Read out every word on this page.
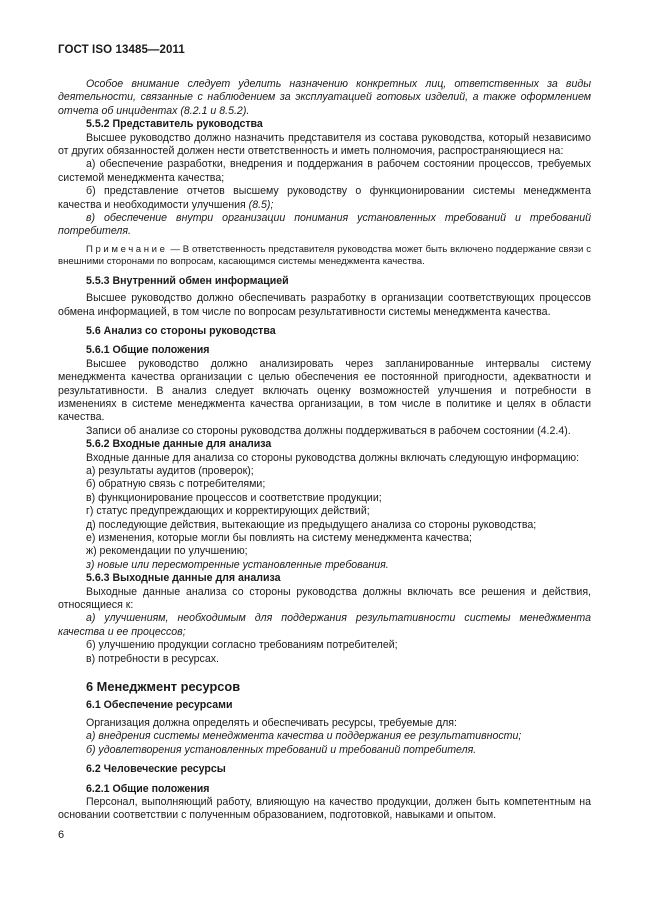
ГОСТ ISO 13485—2011

Особое внимание следует уделить назначению конкретных лиц, ответственных за виды деятельности, связанные с наблюдением за эксплуатацией готовых изделий, а также оформлением отчета об инцидентах (8.2.1 и 8.5.2).

5.5.2 Представитель руководства

Высшее руководство должно назначить представителя из состава руководства, который независимо от других обязанностей должен нести ответственность и иметь полномочия, распространяющиеся на:

а) обеспечение разработки, внедрения и поддержания в рабочем состоянии процессов, требуемых системой менеджмента качества;

б) представление отчетов высшему руководству о функционировании системы менеджмента качества и необходимости улучшения (8.5);

в) обеспечение внутри организации понимания установленных требований и требований потребителя.

Примечание — В ответственность представителя руководства может быть включено поддержание связи с внешними сторонами по вопросам, касающимся системы менеджмента качества.

5.5.3 Внутренний обмен информацией

Высшее руководство должно обеспечивать разработку в организации соответствующих процессов обмена информацией, в том числе по вопросам результативности системы менеджмента качества.

5.6 Анализ со стороны руководства
5.6.1 Общие положения

Высшее руководство должно анализировать через запланированные интервалы систему менеджмента качества организации с целью обеспечения ее постоянной пригодности, адекватности и результативности. В анализ следует включать оценку возможностей улучшения и потребности в изменениях в системе менеджмента качества организации, в том числе в политике и целях в области качества.

Записи об анализе со стороны руководства должны поддерживаться в рабочем состоянии (4.2.4).

5.6.2 Входные данные для анализа

Входные данные для анализа со стороны руководства должны включать следующую информацию:

а) результаты аудитов (проверок);

б) обратную связь с потребителями;

в) функционирование процессов и соответствие продукции;

г) статус предупреждающих и корректирующих действий;

д) последующие действия, вытекающие из предыдущего анализа со стороны руководства;

е) изменения, которые могли бы повлиять на систему менеджмента качества;

ж) рекомендации по улучшению;

з) новые или пересмотренные установленные требования.

5.6.3 Выходные данные для анализа

Выходные данные анализа со стороны руководства должны включать все решения и действия, относящиеся к:

а) улучшениям, необходимым для поддержания результативности системы менеджмента качества и ее процессов;

б) улучшению продукции согласно требованиям потребителей;

в) потребности в ресурсах.

6 Менеджмент ресурсов
6.1 Обеспечение ресурсами

Организация должна определять и обеспечивать ресурсы, требуемые для:

а) внедрения системы менеджмента качества и поддержания ее результативности;

б) удовлетворения установленных требований и требований потребителя.

6.2 Человеческие ресурсы
6.2.1 Общие положения

Персонал, выполняющий работу, влияющую на качество продукции, должен быть компетентным на основании соответствии с полученным образованием, подготовкой, навыками и опытом.

6
